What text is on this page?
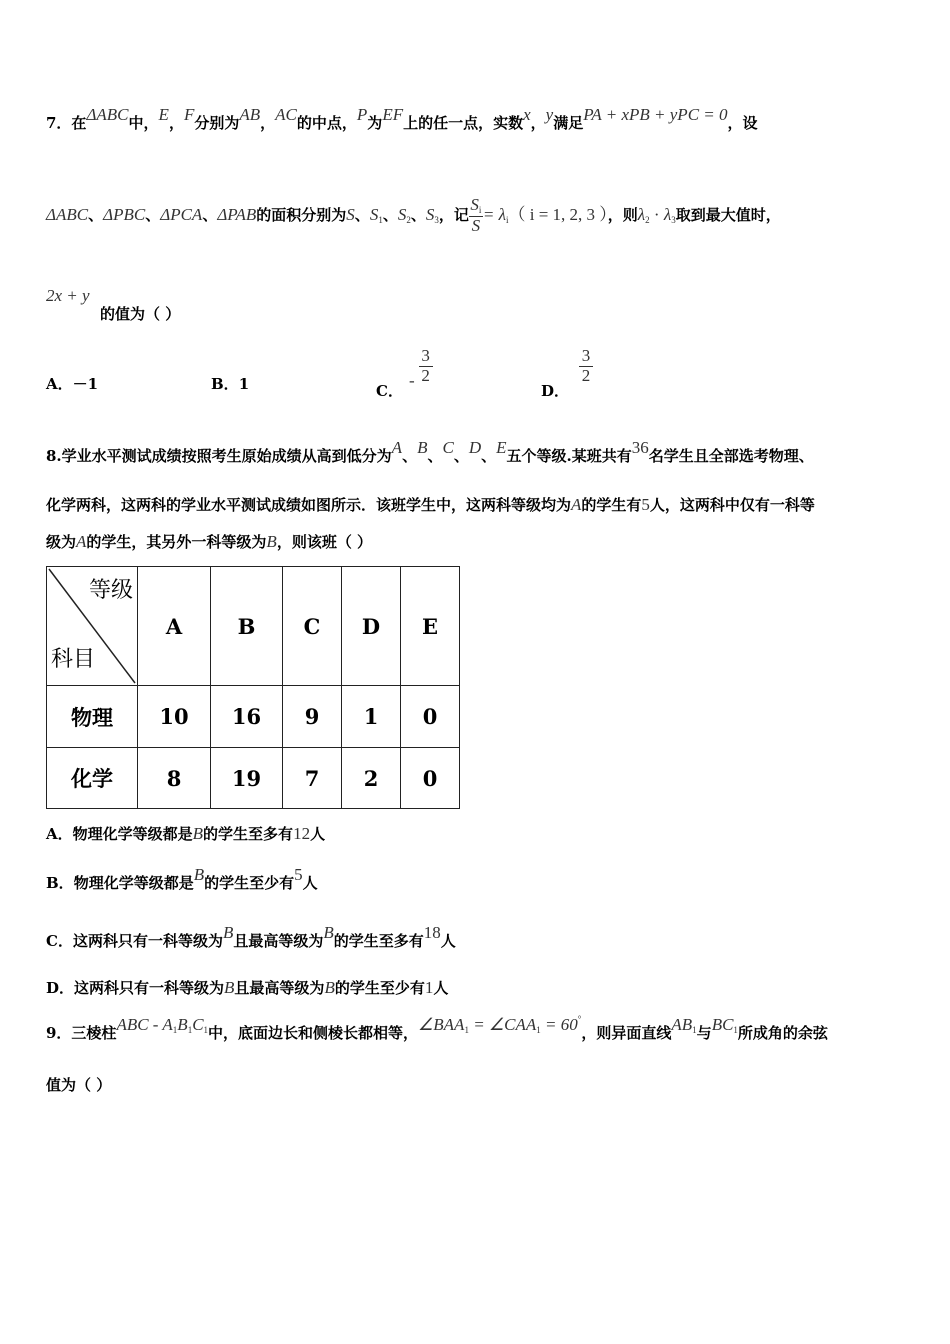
7．在ΔABC中，E，F分别为AB，AC的中点，P为EF上的任一点，实数x，y满足PA + xPB + yPC = 0，设
ΔABC、ΔPBC、ΔPCA、ΔPAB的面积分别为S、$S_1$、$S_2$、$S_3$，记 $\frac{S_i}{S} = \lambda_i$（ i = 1, 2, 3 ），则$\lambda_2 \cdot \lambda_3$取到最大值时，
2x + y
的值为（ ）
A．－1	B．1	C．- $\frac{3}{2}$
D．
$\frac{3}{2}$
8.学业水平测试成绩按照考生原始成绩从高到低分为A、B、C、D、E五个等级.某班共有36名学生且全部选考物理、
化学两科，这两科的学业水平测试成绩如图所示．该班学生中，这两科等级均为A的学生有5人，这两科中仅有一科等
级为A的学生，其另外一科等级为B，则该班（ ）
等级
科目	A	B	C	D	E
物理	10	16	9	1	0
化学	8	19	7	2	0
A．物理化学等级都是B的学生至多有12人
B．物理化学等级都是B的学生至少有5人
C．这两科只有一科等级为B且最高等级为B的学生至多有18人
D．这两科只有一科等级为B且最高等级为B的学生至少有1人
9．三棱柱ABC - $A_1B_1C_1$中，底面边长和侧棱长都相等，$\angle BAA_1$ = $\angle CAA_1 = 60^\circ$，则异面直线$AB_1$与$BC_1$所成角的余弦
值为（ ）
